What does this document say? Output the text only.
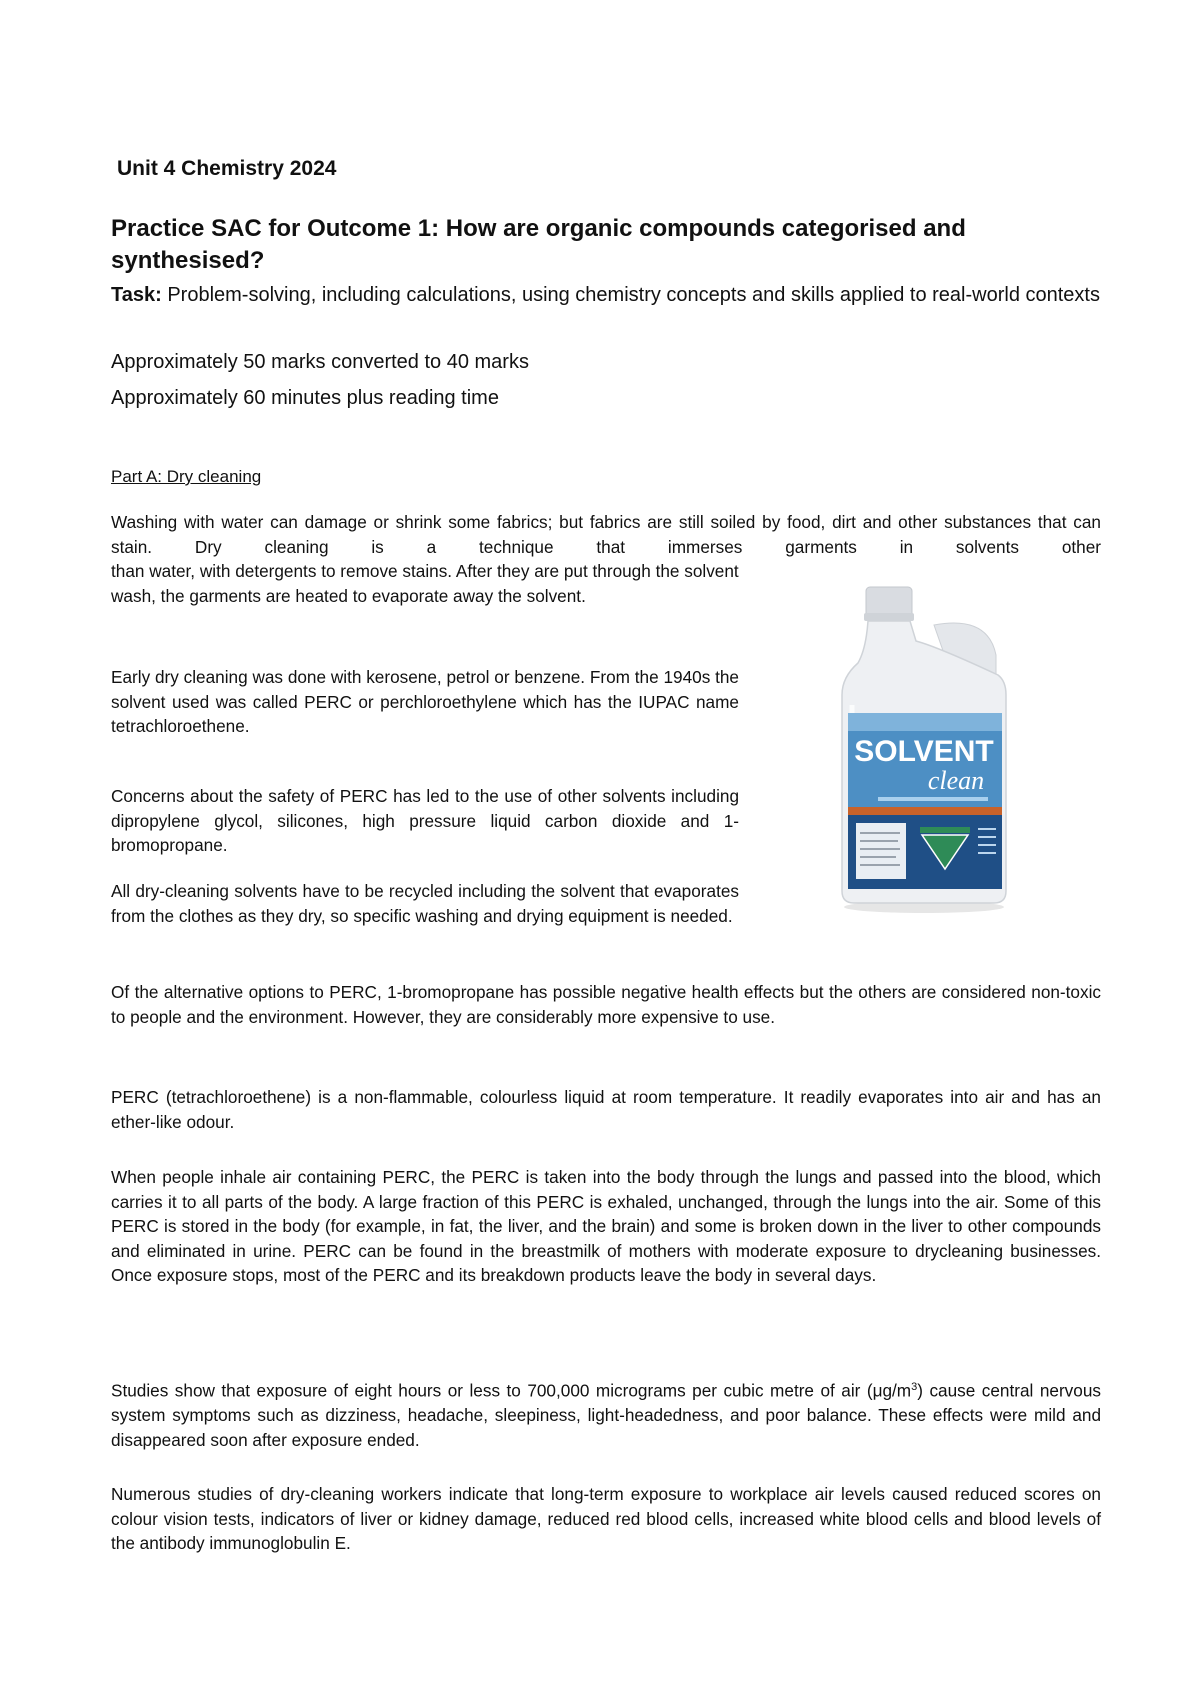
Unit 4 Chemistry 2024
Practice SAC for Outcome 1: How are organic compounds categorised and synthesised?
Task: Problem-solving, including calculations, using chemistry concepts and skills applied to real-world contexts
Approximately 50 marks converted to 40 marks
Approximately 60 minutes plus reading time
Part A: Dry cleaning

Washing with water can damage or shrink some fabrics; but fabrics are still soiled by food, dirt and other substances that can stain. Dry cleaning is a technique that immerses garments in solvents other

than water, with detergents to remove stains. After they are put through the solvent wash, the garments are heated to evaporate away the solvent.

Early dry cleaning was done with kerosene, petrol or benzene. From the 1940s the solvent used was called PERC or perchloroethylene which has the IUPAC name tetrachloroethene.

Concerns about the safety of PERC has led to the use of other solvents including dipropylene glycol, silicones, high pressure liquid carbon dioxide and 1-bromopropane.

All dry-cleaning solvents have to be recycled including the solvent that evaporates from the clothes as they dry, so specific washing and drying equipment is needed.

SOLVENT
clean

Of the alternative options to PERC, 1-bromopropane has possible negative health effects but the others are considered non-toxic to people and the environment. However, they are considerably more expensive to use.

PERC (tetrachloroethene) is a non-flammable, colourless liquid at room temperature. It readily evaporates into air and has an ether-like odour.

When people inhale air containing PERC, the PERC is taken into the body through the lungs and passed into the blood, which carries it to all parts of the body. A large fraction of this PERC is exhaled, unchanged, through the lungs into the air. Some of this PERC is stored in the body (for example, in fat, the liver, and the brain) and some is broken down in the liver to other compounds and eliminated in urine. PERC can be found in the breastmilk of mothers with moderate exposure to drycleaning businesses. Once exposure stops, most of the PERC and its breakdown products leave the body in several days.

Studies show that exposure of eight hours or less to 700,000 micrograms per cubic metre of air $(\mu g/m^3)$ cause central nervous system symptoms such as dizziness, headache, sleepiness, light-headedness, and poor balance. These effects were mild and disappeared soon after exposure ended.

Numerous studies of dry-cleaning workers indicate that long-term exposure to workplace air levels caused reduced scores on colour vision tests, indicators of liver or kidney damage, reduced red blood cells, increased white blood cells and blood levels of the antibody immunoglobulin E.
